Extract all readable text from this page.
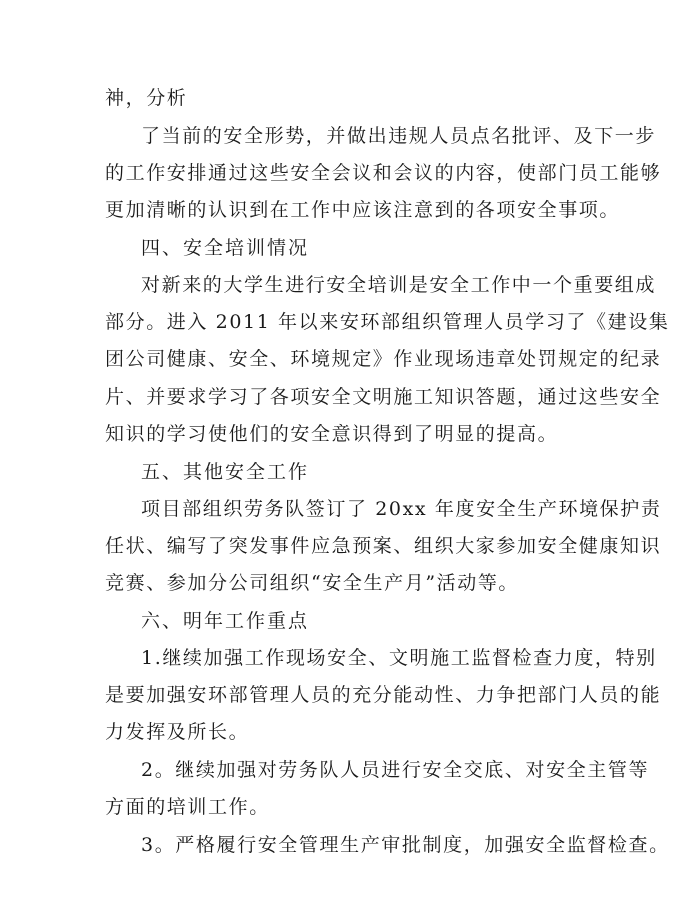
神，分析
了当前的安全形势，并做出违规人员点名批评、及下一步
的工作安排通过这些安全会议和会议的内容，使部门员工能够
更加清晰的认识到在工作中应该注意到的各项安全事项。
四、安全培训情况
对新来的大学生进行安全培训是安全工作中一个重要组成
部分。进入 2011 年以来安环部组织管理人员学习了《建设集
团公司健康、安全、环境规定》作业现场违章处罚规定的纪录
片、并要求学习了各项安全文明施工知识答题，通过这些安全
知识的学习使他们的安全意识得到了明显的提高。
五、其他安全工作
项目部组织劳务队签订了 20xx 年度安全生产环境保护责
任状、编写了突发事件应急预案、组织大家参加安全健康知识
竞赛、参加分公司组织“安全生产月”活动等。
六、明年工作重点
1.继续加强工作现场安全、文明施工监督检查力度，特别
是要加强安环部管理人员的充分能动性、力争把部门人员的能
力发挥及所长。
2。继续加强对劳务队人员进行安全交底、对安全主管等
方面的培训工作。
3。严格履行安全管理生产审批制度，加强安全监督检查。
